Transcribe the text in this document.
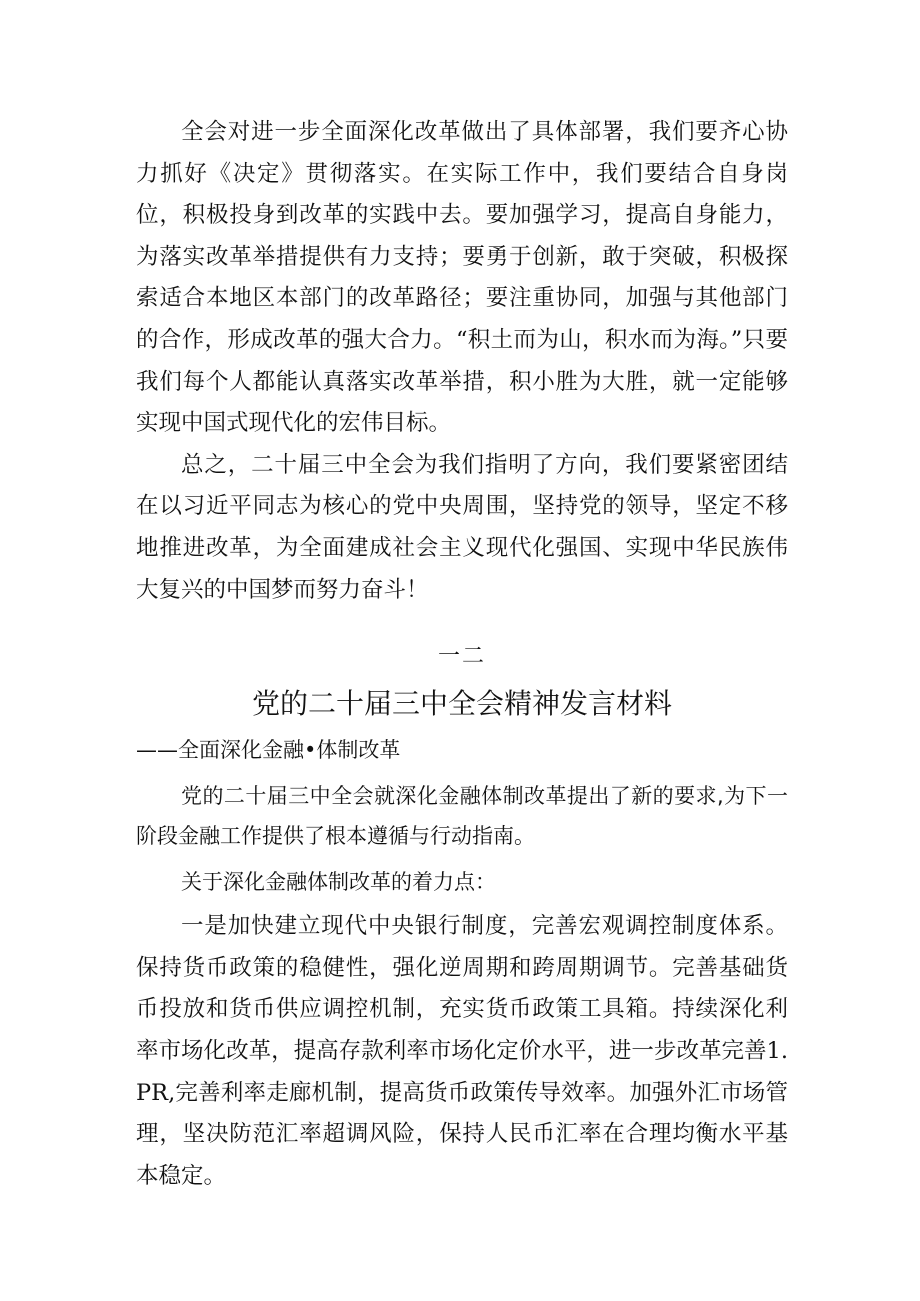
全会对进一步全面深化改革做出了具体部署，我们要齐心协力抓好《决定》贯彻落实。在实际工作中，我们要结合自身岗位，积极投身到改革的实践中去。要加强学习，提高自身能力，为落实改革举措提供有力支持；要勇于创新，敢于突破，积极探索适合本地区本部门的改革路径；要注重协同，加强与其他部门的合作，形成改革的强大合力。“积土而为山，积水而为海。”只要我们每个人都能认真落实改革举措，积小胜为大胜，就一定能够实现中国式现代化的宏伟目标。

总之，二十届三中全会为我们指明了方向，我们要紧密团结在以习近平同志为核心的党中央周围，坚持党的领导，坚定不移地推进改革，为全面建成社会主义现代化强国、实现中华民族伟大复兴的中国梦而努力奋斗！

一二
党的二十届三中全会精神发言材料

——全面深化金融•体制改革

党的二十届三中全会就深化金融体制改革提出了新的要求,为下一阶段金融工作提供了根本遵循与行动指南。

关于深化金融体制改革的着力点：

一是加快建立现代中央银行制度，完善宏观调控制度体系。保持货币政策的稳健性，强化逆周期和跨周期调节。完善基础货币投放和货币供应调控机制，充实货币政策工具箱。持续深化利率市场化改革，提高存款利率市场化定价水平，进一步改革完善1.PR,完善利率走廊机制，提高货币政策传导效率。加强外汇市场管理，坚决防范汇率超调风险，保持人民币汇率在合理均衡水平基本稳定。
